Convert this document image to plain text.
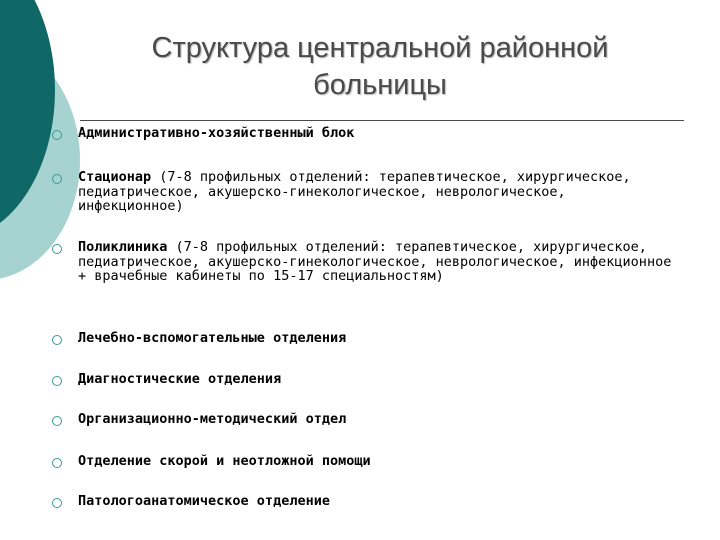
Структура центральной районной
больницы
Административно-хозяйственный блок
Стационар (7-8 профильных отделений: терапевтическое, хирургическое, педиатрическое, акушерско-гинекологическое, неврологическое, инфекционное)
Поликлиника (7-8 профильных отделений: терапевтическое, хирургическое, педиатрическое, акушерско-гинекологическое, неврологическое, инфекционное + врачебные кабинеты по 15-17 специальностям)
Лечебно-вспомогательные отделения
Диагностические отделения
Организационно-методический отдел
Отделение скорой и неотложной помощи
Патологоанатомическое отделение
